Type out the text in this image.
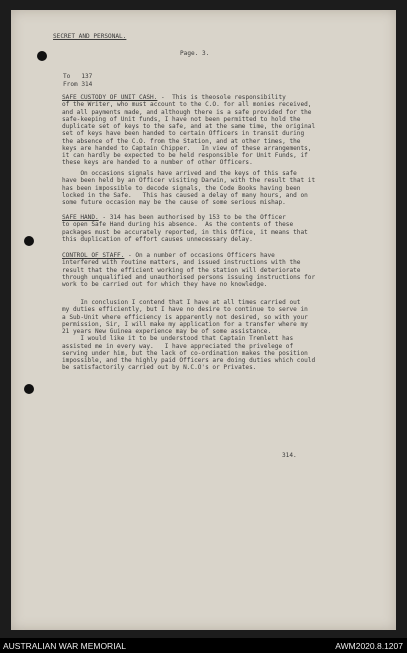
SECRET AND PERSONAL.
Page. 3.
To   137
From 314
SAFE CUSTODY OF UNIT CASH. -  This is theosole responsibility
of the Writer, who must account to the C.O. for all monies received,
and all payments made, and although there is a safe provided for the
safe-keeping of Unit funds, I have not been permitted to hold the
duplicate set of keys to the safe, and at the same time, the original
set of keys have been handed to certain Officers in transit during
the absence of the C.O. from the Station, and at other times, the
keys are handed to Captain Chipper.   In view of these arrangements,
it can hardly be expected to be held responsible for Unit Funds, if
these keys are handed to a number of other Officers.
On occasions signals have arrived and the keys of this safe
have been held by an Officer visiting Darwin, with the result that it
has been impossible to decode signals, the Code Books having been
locked in the Safe.   This has caused a delay of many hours, and on
some future occasion may be the cause of some serious mishap.
SAFE HAND. - 314 has been authorised by 153 to be the Officer
to open Safe Hand during his absence.  As the contents of these
packages must be accurately reported, in this Office, it means that
this duplication of effort causes unnecessary delay.
CONTROL OF STAFF. - On a number of occasions Officers have
interfered with routine matters, and issued instructions with the
result that the efficient working of the station will deteriorate
through unqualified and unauthorised persons issuing instructions for
work to be carried out for which they have no knowledge.
In conclusion I contend that I have at all times carried out
my duties efficiently, but I have no desire to continue to serve in
a Sub-Unit where efficiency is apparently not desired, so with your
permission, Sir, I will make my application for a transfer where my
21 years New Guinea experience may be of some assistance.
I would like it to be understood that Captain Tremlett has
assisted me in every way.   I have appreciated the privelege of
serving under him, but the lack of co-ordination makes the position
impossible, and the highly paid Officers are doing duties which could
be satisfactorily carried out by N.C.O's or Privates.
314.
AUSTRALIAN WAR MEMORIAL	AWM2020.8.1207
